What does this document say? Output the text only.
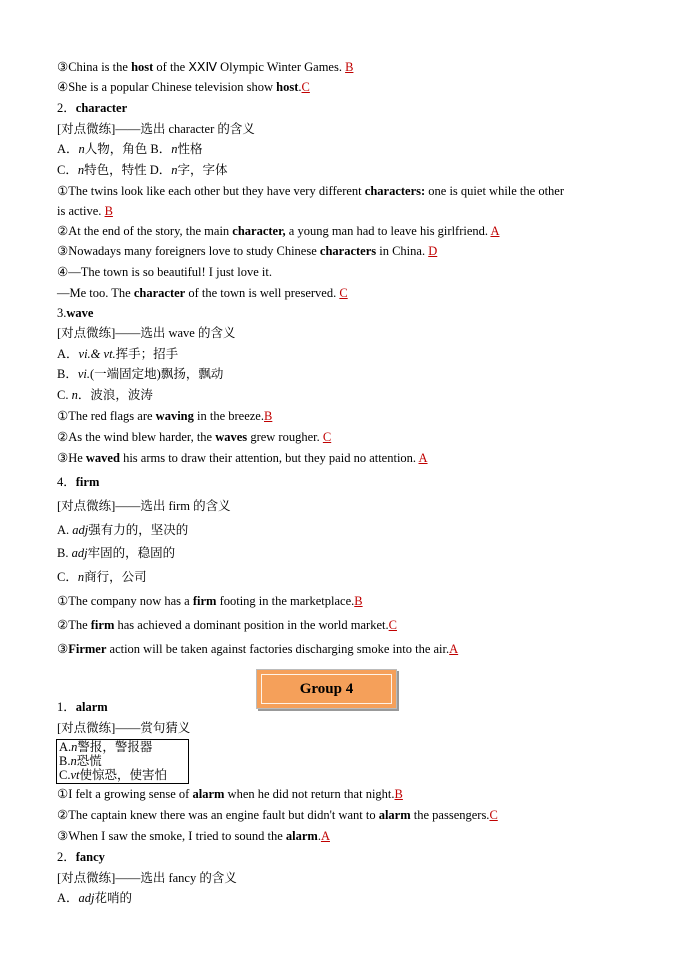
③China is the host of the ⅩⅩⅣ Olympic Winter Games. B
④She is a popular Chinese television show host.C
2．character
[对点微练]——选出 character 的含义
A．n人物，角色 B．n性格
C．n特色，特性 D．n字，字体
①The twins look like each other but they have very different characters: one is quiet while the other
is active. B
②At the end of the story, the main character, a young man had to leave his girlfriend. A
③Nowadays many foreigners love to study Chinese characters in China. D
④—The town is so beautiful! I just love it.
—Me too. The character of the town is well preserved. C
3.wave
[对点微练]——选出 wave 的含义
A．vi.& vt.挥手；招手
B．vi.(一端固定地)飘扬，飘动
C. n．波浪，波涛
①The red flags are waving in the breeze.B
②As the wind blew harder, the waves grew rougher. C
③He waved his arms to draw their attention, but they paid no attention. A
4．firm
[对点微练]——选出 firm 的含义
A. adj强有力的，坚决的
B. adj牢固的，稳固的
C．n商行，公司
①The company now has a firm footing in the marketplace.B
②The firm has achieved a dominant position in the world market.C
③Firmer action will be taken against factories discharging smoke into the air.A
1．alarm
[对点微练]——赏句猜义
①I felt a growing sense of alarm when he did not return that night.B
②The captain knew there was an engine fault but didn't want to alarm the passengers.C
③When I saw the smoke, I tried to sound the alarm.A
2．fancy
[对点微练]——选出 fancy 的含义
A．adj花哨的
Group 4
A.n警报，警报器
B.n恐慌
C.vt使惊恐，使害怕
